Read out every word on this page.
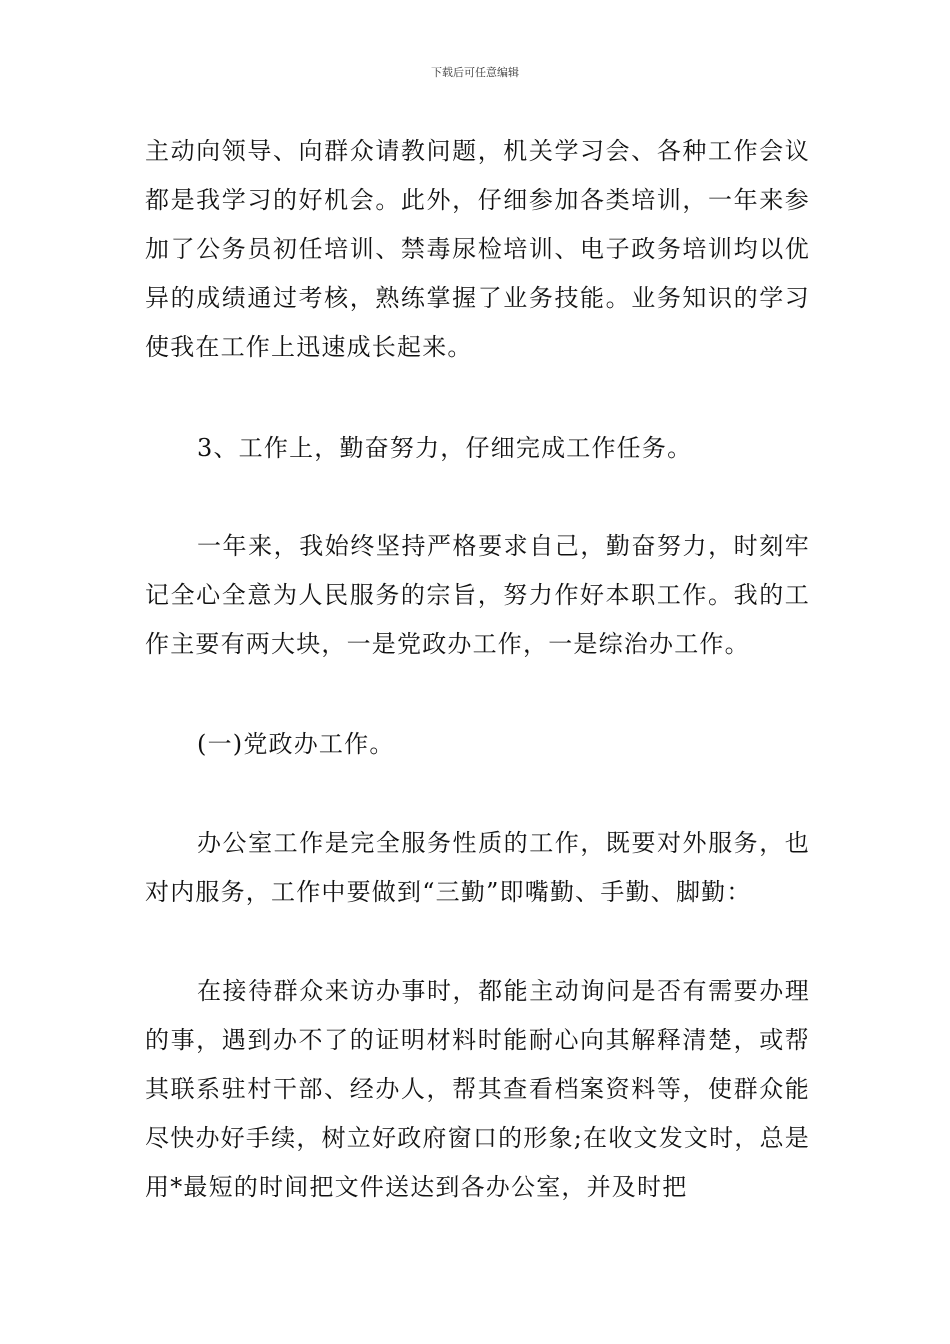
下载后可任意编辑

主动向领导、向群众请教问题，机关学习会、各种工作会议都是我学习的好机会。此外，仔细参加各类培训，一年来参加了公务员初任培训、禁毒尿检培训、电子政务培训均以优异的成绩通过考核，熟练掌握了业务技能。业务知识的学习使我在工作上迅速成长起来。

3、工作上，勤奋努力，仔细完成工作任务。

一年来，我始终坚持严格要求自己，勤奋努力，时刻牢记全心全意为人民服务的宗旨，努力作好本职工作。我的工作主要有两大块，一是党政办工作，一是综治办工作。

(一)党政办工作。

办公室工作是完全服务性质的工作，既要对外服务，也对内服务，工作中要做到“三勤”即嘴勤、手勤、脚勤：

在接待群众来访办事时，都能主动询问是否有需要办理的事，遇到办不了的证明材料时能耐心向其解释清楚，或帮其联系驻村干部、经办人，帮其查看档案资料等，使群众能尽快办好手续，树立好政府窗口的形象;在收文发文时，总是用*最短的时间把文件送达到各办公室，并及时把
